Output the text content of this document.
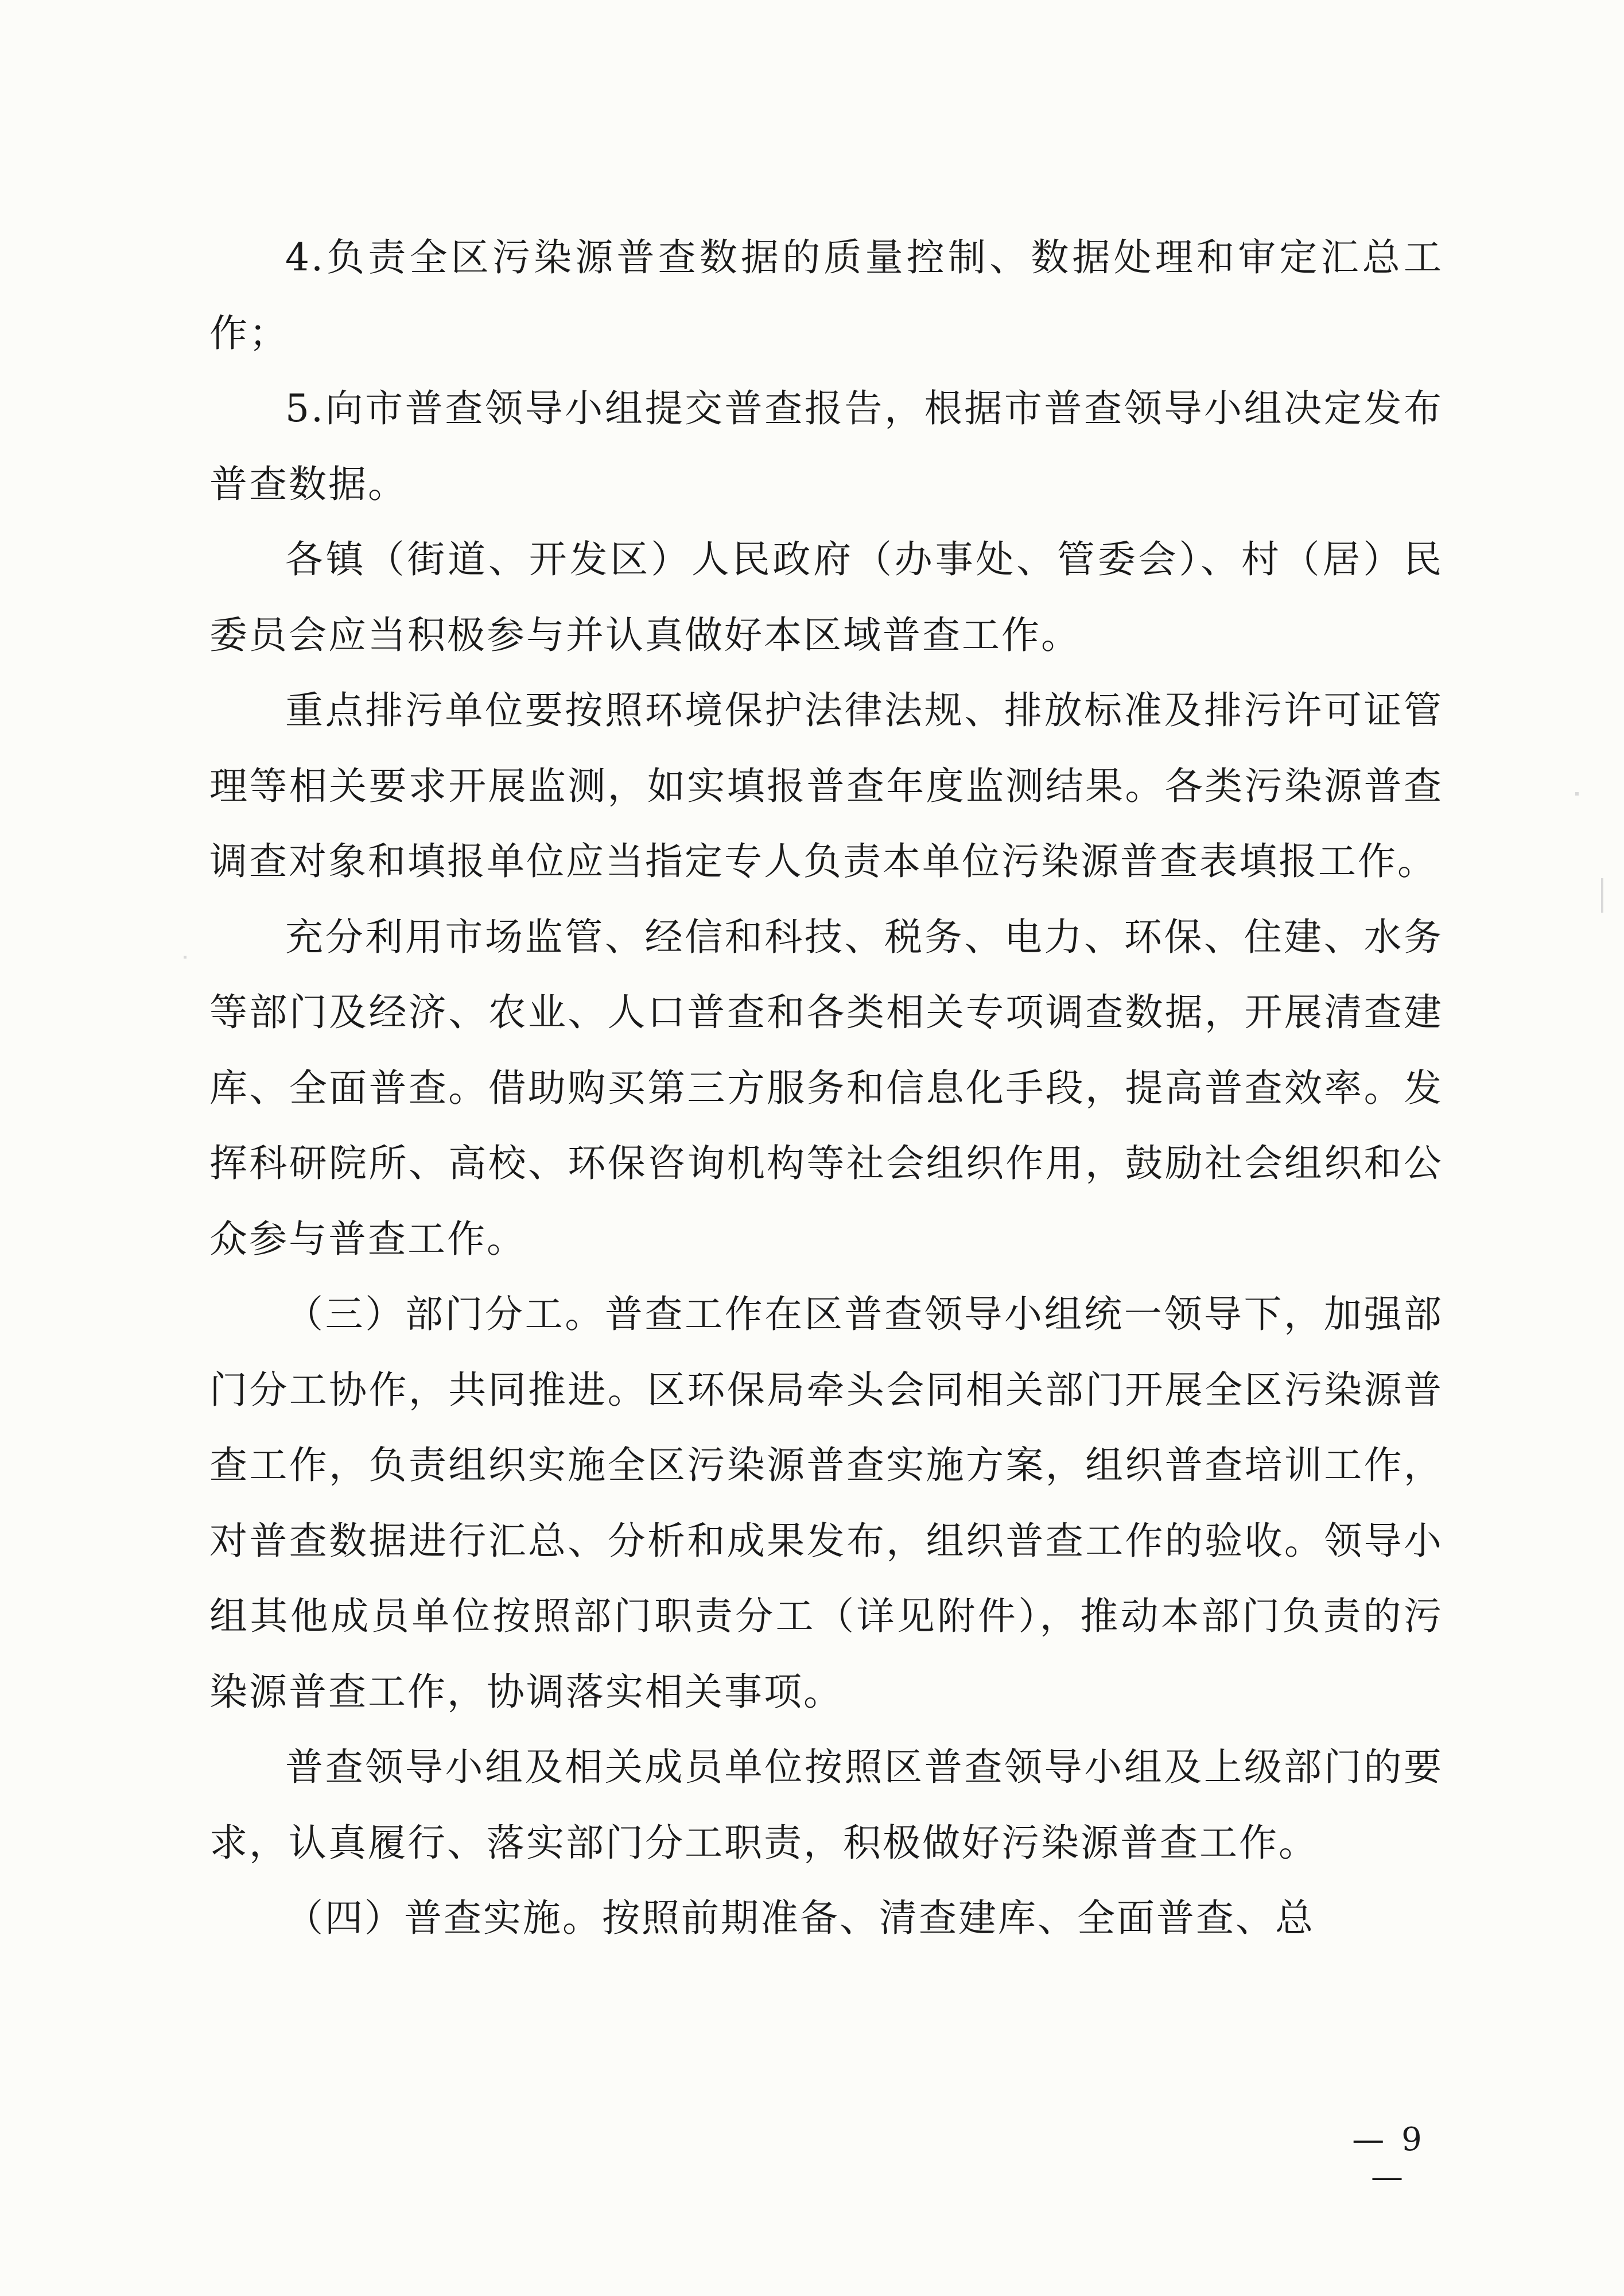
4.负责全区污染源普查数据的质量控制、数据处理和审定汇总工作；

5.向市普查领导小组提交普查报告，根据市普查领导小组决定发布普查数据。

各镇（街道、开发区）人民政府（办事处、管委会）、村（居）民委员会应当积极参与并认真做好本区域普查工作。

重点排污单位要按照环境保护法律法规、排放标准及排污许可证管理等相关要求开展监测，如实填报普查年度监测结果。各类污染源普查调查对象和填报单位应当指定专人负责本单位污染源普查表填报工作。

充分利用市场监管、经信和科技、税务、电力、环保、住建、水务等部门及经济、农业、人口普查和各类相关专项调查数据，开展清查建库、全面普查。借助购买第三方服务和信息化手段，提高普查效率。发挥科研院所、高校、环保咨询机构等社会组织作用，鼓励社会组织和公众参与普查工作。

（三）部门分工。普查工作在区普查领导小组统一领导下，加强部门分工协作，共同推进。区环保局牵头会同相关部门开展全区污染源普查工作，负责组织实施全区污染源普查实施方案，组织普查培训工作，对普查数据进行汇总、分析和成果发布，组织普查工作的验收。领导小组其他成员单位按照部门职责分工（详见附件），推动本部门负责的污染源普查工作，协调落实相关事项。

普查领导小组及相关成员单位按照区普查领导小组及上级部门的要求，认真履行、落实部门分工职责，积极做好污染源普查工作。

（四）普查实施。按照前期准备、清查建库、全面普查、总

— 9 —
